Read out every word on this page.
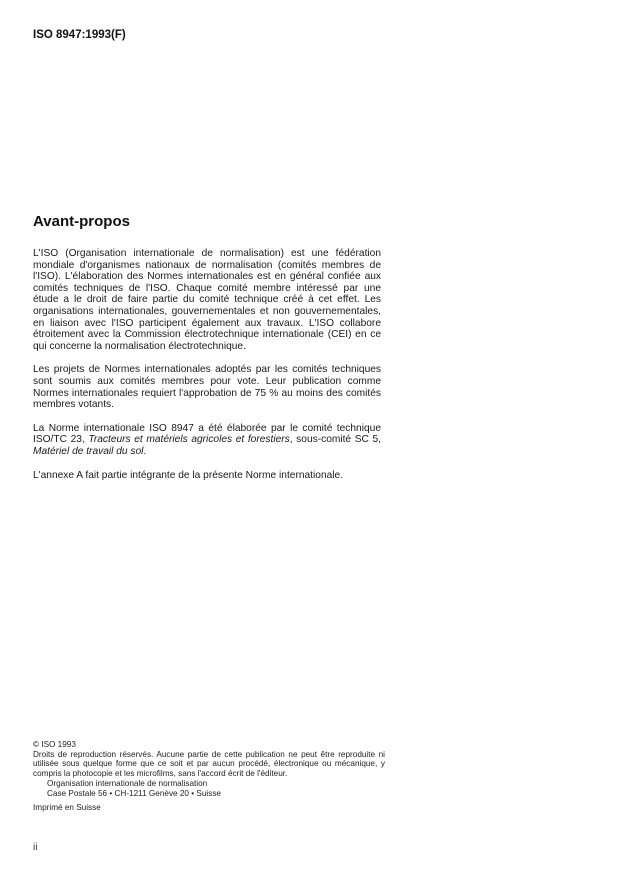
ISO 8947:1993(F)
Avant-propos

L'ISO (Organisation internationale de normalisation) est une fédération mondiale d'organismes nationaux de normalisation (comités membres de l'ISO). L'élaboration des Normes internationales est en général confiée aux comités techniques de l'ISO. Chaque comité membre intéressé par une étude a le droit de faire partie du comité technique créé à cet effet. Les organisations internationales, gouvernementales et non gouvernementales, en liaison avec l'ISO participent également aux travaux. L'ISO collabore étroitement avec la Commission électrotechnique internationale (CEI) en ce qui concerne la normalisation électrotechnique.

Les projets de Normes internationales adoptés par les comités techniques sont soumis aux comités membres pour vote. Leur publication comme Normes internationales requiert l'approbation de 75 % au moins des comités membres votants.

La Norme internationale ISO 8947 a été élaborée par le comité technique ISO/TC 23, Tracteurs et matériels agricoles et forestiers, sous-comité SC 5, Matériel de travail du sol.

L'annexe A fait partie intégrante de la présente Norme internationale.

© ISO 1993
Droits de reproduction réservés. Aucune partie de cette publication ne peut être reproduite ni utilisée sous quelque forme que ce soit et par aucun procédé, électronique ou mécanique, y compris la photocopie et les microfilms, sans l'accord écrit de l'éditeur.
Organisation internationale de normalisation
Case Postale 56 • CH-1211 Genève 20 • Suisse
Imprimé en Suisse
ii
